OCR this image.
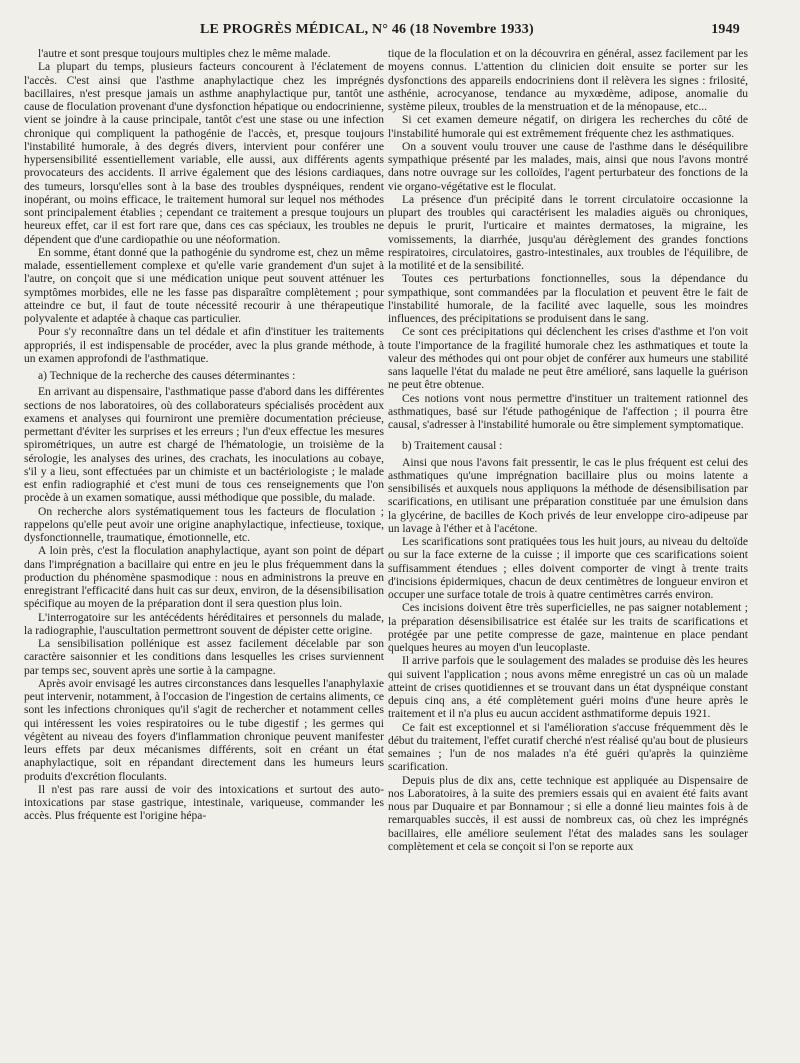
LE PROGRÈS MÉDICAL, N° 46 (18 Novembre 1933)	1949

l'autre et sont presque toujours multiples chez le même malade.

La plupart du temps, plusieurs facteurs concourent à l'éclatement de l'accès. C'est ainsi que l'asthme anaphylactique chez les imprégnés bacillaires, n'est presque jamais un asthme anaphylactique pur, tantôt une cause de floculation provenant d'une dysfonction hépatique ou endocrinienne, vient se joindre à la cause principale, tantôt c'est une stase ou une infection chronique qui compliquent la pathogénie de l'accès, et, presque toujours l'instabilité humorale, à des degrés divers, intervient pour conférer une hypersensibilité essentiellement variable, elle aussi, aux différents agents provocateurs des accidents. Il arrive également que des lésions cardiaques, des tumeurs, lorsqu'elles sont à la base des troubles dyspnéiques, rendent inopérant, ou moins efficace, le traitement humoral sur lequel nos méthodes sont principalement établies ; cependant ce traitement a presque toujours un heureux effet, car il est fort rare que, dans ces cas spéciaux, les troubles ne dépendent que d'une cardiopathie ou une néoformation.

En somme, étant donné que la pathogénie du syndrome est, chez un même malade, essentiellement complexe et qu'elle varie grandement d'un sujet à l'autre, on conçoit que si une médication unique peut souvent atténuer les symptômes morbides, elle ne les fasse pas disparaître complètement ; pour atteindre ce but, il faut de toute nécessité recourir à une thérapeutique polyvalente et adaptée à chaque cas particulier.

Pour s'y reconnaître dans un tel dédale et afin d'instituer les traitements appropriés, il est indispensable de procéder, avec la plus grande méthode, à un examen approfondi de l'asthmatique.

a) Technique de la recherche des causes déterminantes :

En arrivant au dispensaire, l'asthmatique passe d'abord dans les différentes sections de nos laboratoires, où des collaborateurs spécialisés procèdent aux examens et analyses qui fourniront une première documentation précieuse, permettant d'éviter les surprises et les erreurs ; l'un d'eux effectue les mesures spirométriques, un autre est chargé de l'hématologie, un troisième de la sérologie, les analyses des urines, des crachats, les inoculations au cobaye, s'il y a lieu, sont effectuées par un chimiste et un bactériologiste ; le malade est enfin radiographié et c'est muni de tous ces renseignements que l'on procède à un examen somatique, aussi méthodique que possible, du malade.

On recherche alors systématiquement tous les facteurs de floculation ; rappelons qu'elle peut avoir une origine anaphylactique, infectieuse, toxique, dysfonctionnelle, traumatique, émotionnelle, etc.

A loin près, c'est la floculation anaphylactique, ayant son point de départ dans l'imprégnation a bacillaire qui entre en jeu le plus fréquemment dans la production du phénomène spasmodique : nous en administrons la preuve en enregistrant l'efficacité dans huit cas sur deux, environ, de la désensibilisation spécifique au moyen de la préparation dont il sera question plus loin.

L'interrogatoire sur les antécédents héréditaires et personnels du malade, la radiographie, l'auscultation permettront souvent de dépister cette origine.

La sensibilisation pollénique est assez facilement décelable par son caractère saisonnier et les conditions dans lesquelles les crises surviennent par temps sec, souvent après une sortie à la campagne.

Après avoir envisagé les autres circonstances dans lesquelles l'anaphylaxie peut intervenir, notamment, à l'occasion de l'ingestion de certains aliments, ce sont les infections chroniques qu'il s'agit de rechercher et notamment celles qui intéressent les voies respiratoires ou le tube digestif ; les germes qui végètent au niveau des foyers d'inflammation chronique peuvent manifester leurs effets par deux mécanismes différents, soit en créant un état anaphylactique, soit en répandant directement dans les humeurs leurs produits d'excrétion floculants.

Il n'est pas rare aussi de voir des intoxications et surtout des auto-intoxications par stase gastrique, intestinale, variqueuse, commander les accès. Plus fréquente est l'origine hépa-

tique de la floculation et on la découvrira en général, assez facilement par les moyens connus. L'attention du clinicien doit ensuite se porter sur les dysfonctions des appareils endocriniens dont il relèvera les signes : frilosité, asthénie, acrocyanose, tendance au myxœdème, adipose, anomalie du système pileux, troubles de la menstruation et de la ménopause, etc...

Si cet examen demeure négatif, on dirigera les recherches du côté de l'instabilité humorale qui est extrêmement fréquente chez les asthmatiques.

On a souvent voulu trouver une cause de l'asthme dans le déséquilibre sympathique présenté par les malades, mais, ainsi que nous l'avons montré dans notre ouvrage sur les colloïdes, l'agent perturbateur des fonctions de la vie organo-végétative est le floculat.

La présence d'un précipité dans le torrent circulatoire occasionne la plupart des troubles qui caractérisent les maladies aiguës ou chroniques, depuis le prurit, l'urticaire et maintes dermatoses, la migraine, les vomissements, la diarrhée, jusqu'au dérèglement des grandes fonctions respiratoires, circulatoires, gastro-intestinales, aux troubles de l'équilibre, de la motilité et de la sensibilité.

Toutes ces perturbations fonctionnelles, sous la dépendance du sympathique, sont commandées par la floculation et peuvent être le fait de l'instabilité humorale, de la facilité avec laquelle, sous les moindres influences, des précipitations se produisent dans le sang.

Ce sont ces précipitations qui déclenchent les crises d'asthme et l'on voit toute l'importance de la fragilité humorale chez les asthmatiques et toute la valeur des méthodes qui ont pour objet de conférer aux humeurs une stabilité sans laquelle l'état du malade ne peut être amélioré, sans laquelle la guérison ne peut être obtenue.

Ces notions vont nous permettre d'instituer un traitement rationnel des asthmatiques, basé sur l'étude pathogénique de l'affection ; il pourra être causal, s'adresser à l'instabilité humorale ou être simplement symptomatique.

b) Traitement causal :

Ainsi que nous l'avons fait pressentir, le cas le plus fréquent est celui des asthmatiques qu'une imprégnation bacillaire plus ou moins latente a sensibilisés et auxquels nous appliquons la méthode de désensibilisation par scarifications, en utilisant une préparation constituée par une émulsion dans la glycérine, de bacilles de Koch privés de leur enveloppe ciro-adipeuse par un lavage à l'éther et à l'acétone.

Les scarifications sont pratiquées tous les huit jours, au niveau du deltoïde ou sur la face externe de la cuisse ; il importe que ces scarifications soient suffisamment étendues ; elles doivent comporter de vingt à trente traits d'incisions épidermiques, chacun de deux centimètres de longueur environ et occuper une surface totale de trois à quatre centimètres carrés environ.

Ces incisions doivent être très superficielles, ne pas saigner notablement ; la préparation désensibilisatrice est étalée sur les traits de scarifications et protégée par une petite compresse de gaze, maintenue en place pendant quelques heures au moyen d'un leucoplaste.

Il arrive parfois que le soulagement des malades se produise dès les heures qui suivent l'application ; nous avons même enregistré un cas où un malade atteint de crises quotidiennes et se trouvant dans un état dyspnéique constant depuis cinq ans, a été complètement guéri moins d'une heure après le traitement et il n'a plus eu aucun accident asthmatiforme depuis 1921.

Ce fait est exceptionnel et si l'amélioration s'accuse fréquemment dès le début du traitement, l'effet curatif cherché n'est réalisé qu'au bout de plusieurs semaines ; l'un de nos malades n'a été guéri qu'après la quinzième scarification.

Depuis plus de dix ans, cette technique est appliquée au Dispensaire de nos Laboratoires, à la suite des premiers essais qui en avaient été faits avant nous par Duquaire et par Bonnamour ; si elle a donné lieu maintes fois à de remarquables succès, il est aussi de nombreux cas, où chez les imprégnés bacillaires, elle améliore seulement l'état des malades sans les soulager complètement et cela se conçoit si l'on se reporte aux
